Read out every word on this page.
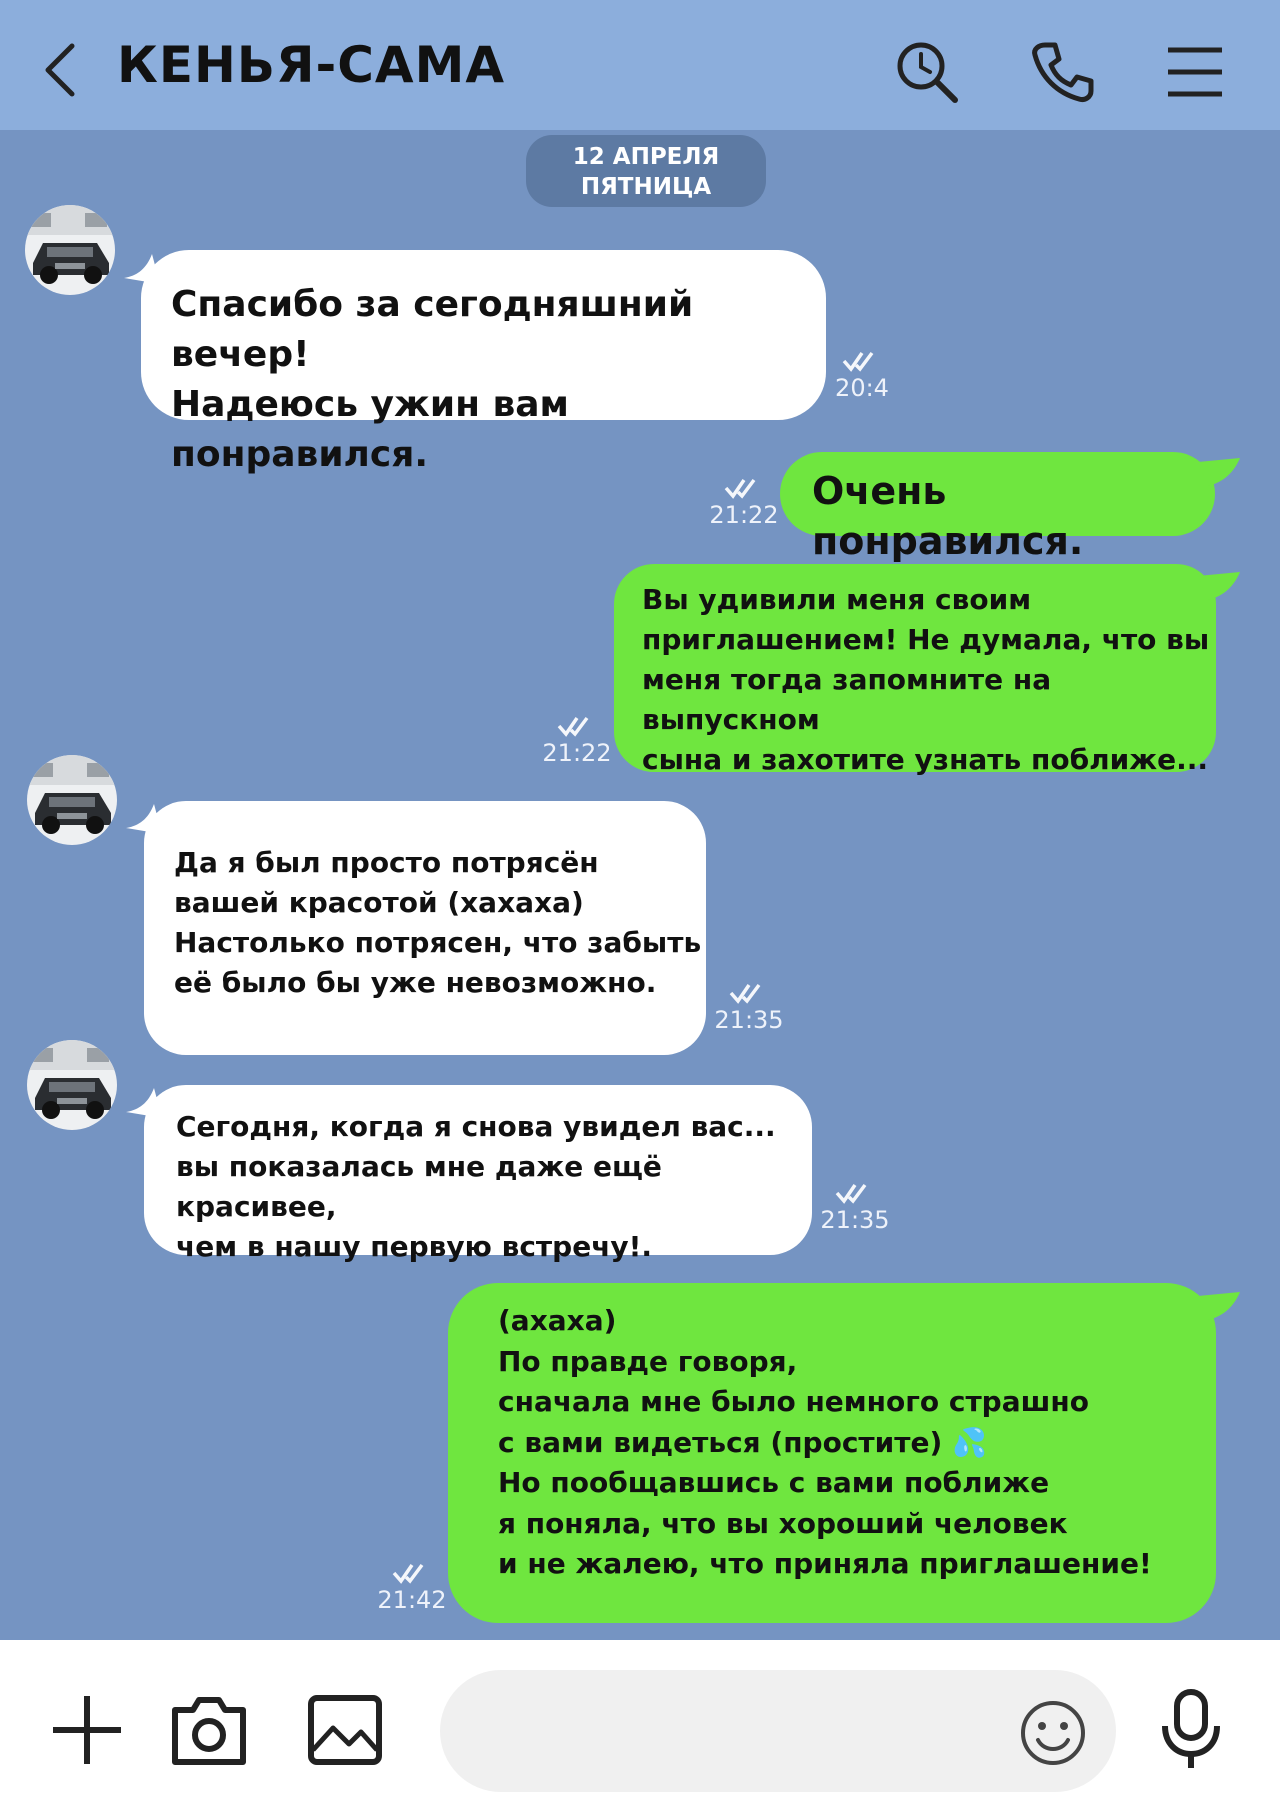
КЕНЬЯ-САМА
12 АПРЕЛЯ
ПЯТНИЦА
Спасибо за сегодняшний вечер!
Надеюсь ужин вам понравился.
20:4
Очень понравился.
21:22
Вы удивили меня своим
приглашением! Не думала, что вы
меня тогда запомните на выпускном
сына и захотите узнать поближе...
21:22
Да я был просто потрясён
вашей красотой (хахаха)
Настолько потрясен, что забыть
её было бы уже невозможно.
21:35
Сегодня, когда я снова увидел вас...
вы показалась мне даже ещё красивее,
чем в нашу первую встречу!.
21:35
(ахаха)
По правде говоря,
сначала мне было немного страшно
с вами видеться (простите) 💦
Но пообщавшись с вами поближе
я поняла, что вы хороший человек
и не жалею, что приняла приглашение!
21:42
